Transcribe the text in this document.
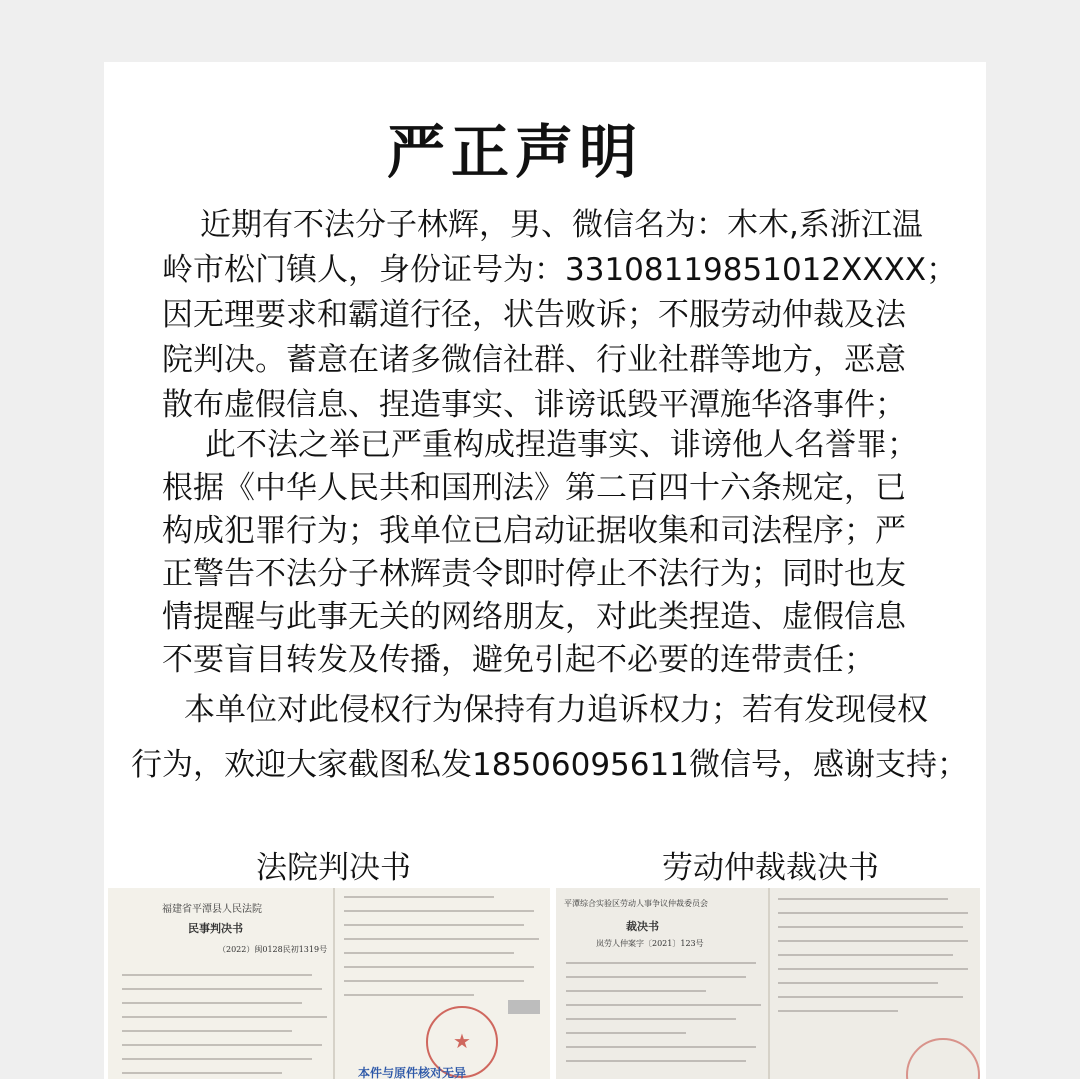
严正声明
近期有不法分子林辉，男、微信名为：木木,系浙江温
岭市松门镇人，身份证号为：33108119851012XXXX；
因无理要求和霸道行径，状告败诉；不服劳动仲裁及法
院判决。蓄意在诸多微信社群、行业社群等地方，恶意
散布虚假信息、捏造事实、诽谤诋毁平潭施华洛事件；
此不法之举已严重构成捏造事实、诽谤他人名誉罪；
根据《中华人民共和国刑法》第二百四十六条规定，已
构成犯罪行为；我单位已启动证据收集和司法程序；严
正警告不法分子林辉责令即时停止不法行为；同时也友
情提醒与此事无关的网络朋友，对此类捏造、虚假信息
不要盲目转发及传播，避免引起不必要的连带责任；
本单位对此侵权行为保持有力追诉权力；若有发现侵权
行为，欢迎大家截图私发18506095611微信号，感谢支持；
法院判决书	劳动仲裁裁决书
福建省平潭县人民法院
民事判决书
（2022）闽0128民初1319号
★
本件与原件核对无异
平潭综合实验区劳动人事争议仲裁委员会
裁决书
岚劳人仲案字〔2021〕123号
